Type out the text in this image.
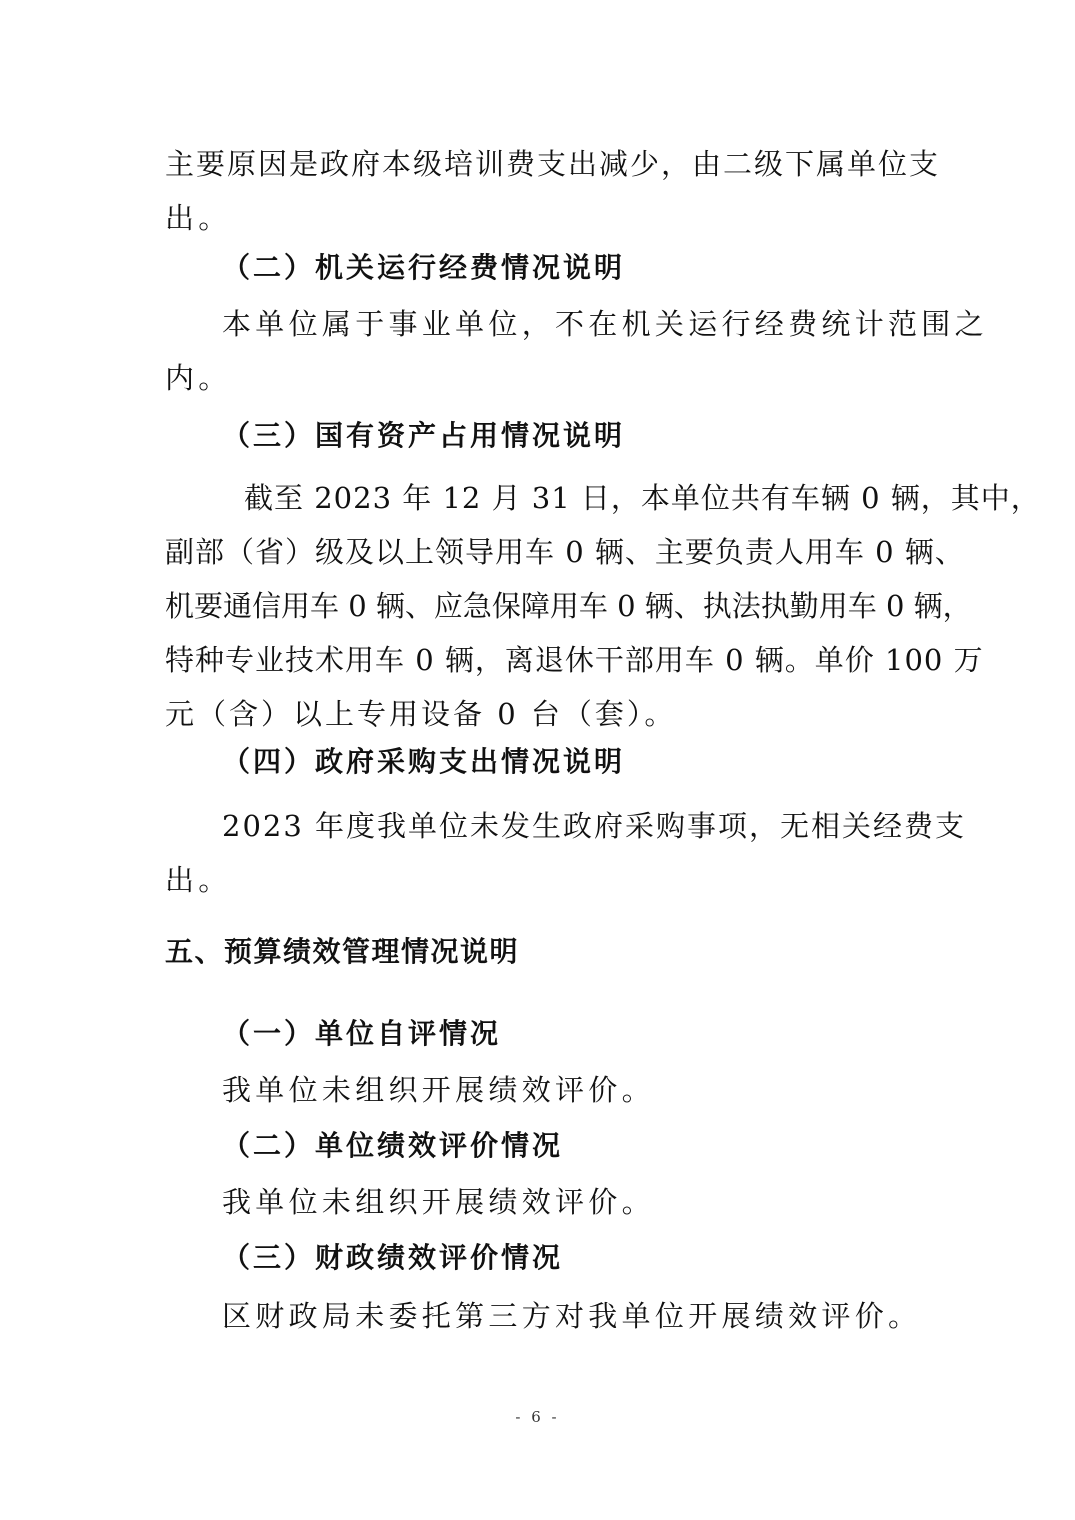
主要原因是政府本级培训费支出减少，由二级下属单位支
出。
（二）机关运行经费情况说明
本单位属于事业单位，不在机关运行经费统计范围之
内。
（三）国有资产占用情况说明
截至 2023 年 12 月 31 日，本单位共有车辆 0 辆，其中，
副部（省）级及以上领导用车 0 辆、主要负责人用车 0 辆、
机要通信用车 0 辆、应急保障用车 0 辆、执法执勤用车 0 辆，
特种专业技术用车 0 辆，离退休干部用车 0 辆。单价 100 万
元（含）以上专用设备 0 台（套）。
（四）政府采购支出情况说明
2023 年度我单位未发生政府采购事项，无相关经费支
出。
五、预算绩效管理情况说明
（一）单位自评情况
我单位未组织开展绩效评价。
（二）单位绩效评价情况
我单位未组织开展绩效评价。
（三）财政绩效评价情况
区财政局未委托第三方对我单位开展绩效评价。
- 6 -
